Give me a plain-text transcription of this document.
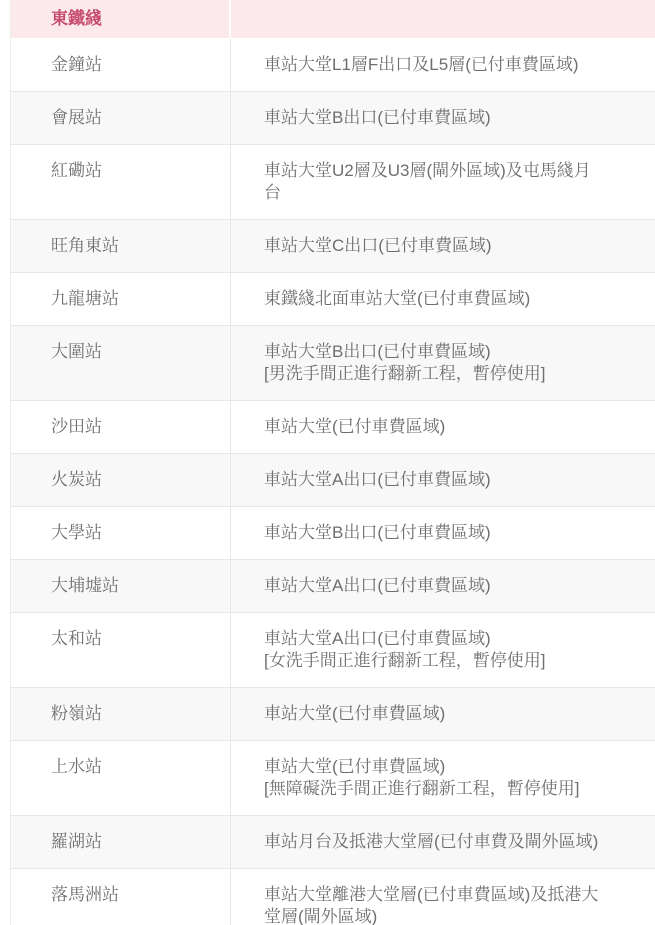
東鐵綫	
金鐘站	車站大堂L1層F出口及L5層(已付車費區域)

會展站	車站大堂B出口(已付車費區域)

紅磡站	車站大堂U2層及U3層(閘外區域)及屯馬綫月台

旺角東站	車站大堂C出口(已付車費區域)

九龍塘站	東鐵綫北面車站大堂(已付車費區域)

大圍站	車站大堂B出口(已付車費區域)
[男洗手間正進行翻新工程，暫停使用]

沙田站	車站大堂(已付車費區域)

火炭站	車站大堂A出口(已付車費區域)

大學站	車站大堂B出口(已付車費區域)

大埔墟站	車站大堂A出口(已付車費區域)

太和站	車站大堂A出口(已付車費區域)
[女洗手間正進行翻新工程，暫停使用]

粉嶺站	車站大堂(已付車費區域)

上水站	車站大堂(已付車費區域)
[無障礙洗手間正進行翻新工程，暫停使用]

羅湖站	車站月台及抵港大堂層(已付車費及閘外區域)

落馬洲站	車站大堂離港大堂層(已付車費區域)及抵港大堂層(閘外區域)
